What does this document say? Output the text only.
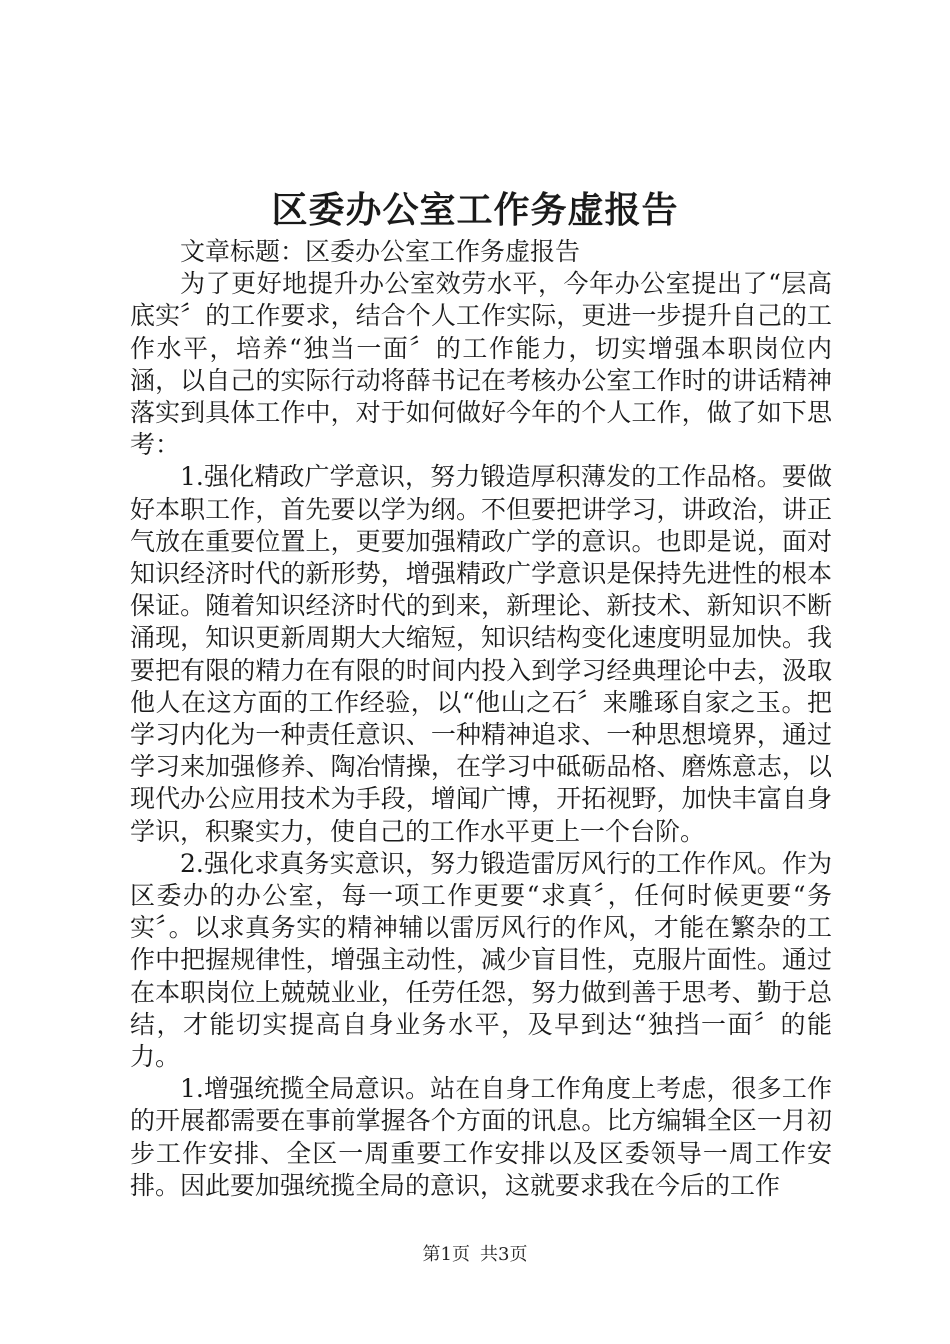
区委办公室工作务虚报告

文章标题：区委办公室工作务虚报告

为了更好地提升办公室效劳水平，今年办公室提出了“层高底实〞的工作要求，结合个人工作实际，更进一步提升自己的工作水平，培养“独当一面〞的工作能力，切实增强本职岗位内涵，以自己的实际行动将薛书记在考核办公室工作时的讲话精神落实到具体工作中，对于如何做好今年的个人工作，做了如下思考：

1.强化精政广学意识，努力锻造厚积薄发的工作品格。要做好本职工作，首先要以学为纲。不但要把讲学习，讲政治，讲正气放在重要位置上，更要加强精政广学的意识。也即是说，面对知识经济时代的新形势，增强精政广学意识是保持先进性的根本保证。随着知识经济时代的到来，新理论、新技术、新知识不断涌现，知识更新周期大大缩短，知识结构变化速度明显加快。我要把有限的精力在有限的时间内投入到学习经典理论中去，汲取他人在这方面的工作经验，以“他山之石〞来雕琢自家之玉。把学习内化为一种责任意识、一种精神追求、一种思想境界，通过学习来加强修养、陶冶情操，在学习中砥砺品格、磨炼意志，以现代办公应用技术为手段，增闻广博，开拓视野，加快丰富自身学识，积聚实力，使自己的工作水平更上一个台阶。

2.强化求真务实意识，努力锻造雷厉风行的工作作风。作为区委办的办公室，每一项工作更要“求真〞，任何时候更要“务实〞。以求真务实的精神辅以雷厉风行的作风，才能在繁杂的工作中把握规律性，增强主动性，减少盲目性，克服片面性。通过在本职岗位上兢兢业业，任劳任怨，努力做到善于思考、勤于总结，才能切实提高自身业务水平，及早到达“独挡一面〞的能力。

1.增强统揽全局意识。站在自身工作角度上考虑，很多工作的开展都需要在事前掌握各个方面的讯息。比方编辑全区一月初步工作安排、全区一周重要工作安排以及区委领导一周工作安排。因此要加强统揽全局的意识，这就要求我在今后的工作

第1页 共3页
